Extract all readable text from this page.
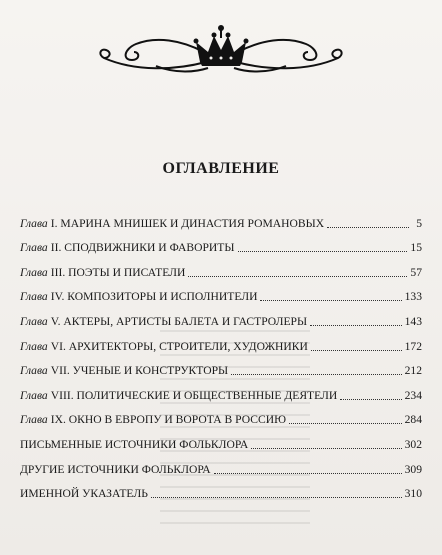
ОГЛАВЛЕНИЕ
Глава I. МАРИНА МНИШЕК И ДИНАСТИЯ РОМАНОВЫХ	5
Глава II. СПОДВИЖНИКИ И ФАВОРИТЫ	15
Глава III. ПОЭТЫ И ПИСАТЕЛИ	57
Глава IV. КОМПОЗИТОРЫ И ИСПОЛНИТЕЛИ	133
Глава V. АКТЕРЫ, АРТИСТЫ БАЛЕТА И ГАСТРОЛЕРЫ	143
Глава VI. АРХИТЕКТОРЫ, СТРОИТЕЛИ, ХУДОЖНИКИ	172
Глава VII. УЧЕНЫЕ И КОНСТРУКТОРЫ	212
Глава VIII. ПОЛИТИЧЕСКИЕ И ОБЩЕСТВЕННЫЕ ДЕЯТЕЛИ	234
Глава IX. ОКНО В ЕВРОПУ И ВОРОТА В РОССИЮ	284
ПИСЬМЕННЫЕ ИСТОЧНИКИ ФОЛЬКЛОРА	302
ДРУГИЕ ИСТОЧНИКИ ФОЛЬКЛОРА	309
ИМЕННОЙ УКАЗАТЕЛЬ	310
